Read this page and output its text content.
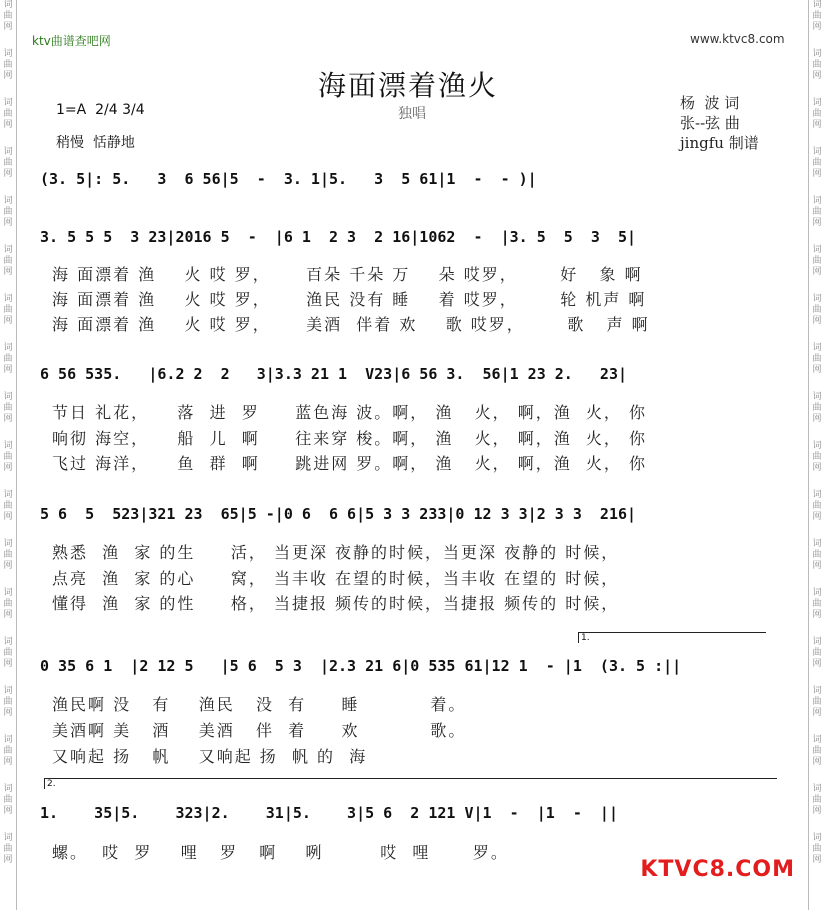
词
曲
网
词
曲
网
词
曲
网
词
曲
网
词
曲
网
词
曲
网
词
曲
网
词
曲
网
词
曲
网
词
曲
网
词
曲
网
词
曲
网
词
曲
网
词
曲
网
词
曲
网
词
曲
网
词
曲
网
词
曲
网
词
曲
网
词
曲
网
词
曲
网
词
曲
网
词
曲
网
词
曲
网
词
曲
网
词
曲
网
词
曲
网
词
曲
网
词
曲
网
词
曲
网
词
曲
网
词
曲
网
词
曲
网
词
曲
网
词
曲
网
词
曲
网
ktv曲谱查吧网	www.ktvc8.com
海面漂着渔火
独唱
杨  波 词
张--弦 曲
jingfu 制谱
1=A  2/4 3/4
稍慢  恬静地
(3. 5|: 5.   3  6 56|5  -  3. 1|5.   3  5 61|1  -  - )|
3. 5 5 5  3 23|2016 5  -  |6 1  2 3  2 16|1062  -  |3. 5  5  3  5|
海 面漂着 渔    火 哎 罗，     百朵 千朵 万    朵 哎罗，      好   象 啊
海 面漂着 渔    火 哎 罗，     渔民 没有 睡    着 哎罗，      轮 机声 啊
海 面漂着 渔    火 哎 罗，     美酒  伴着 欢    歌 哎罗，      歌   声 啊
6 56 535.   |6.2 2  2   3|3.3 21 1  V23|6 56 3.  56|1 23 2.   23|
节日 礼花，    落  进  罗     蓝色海 波。啊， 渔   火， 啊，渔  火， 你
响彻 海空，    船  儿  啊     往来穿 梭。啊， 渔   火， 啊，渔  火， 你
飞过 海洋，    鱼  群  啊     跳进网 罗。啊， 渔   火， 啊，渔  火， 你
5 6  5  523|321 23  65|5 -|0 6  6 6|5 3 3 233|0 12 3 3|2 3 3  216|
熟悉  渔  家 的生     活， 当更深 夜静的时候，当更深 夜静的 时候，
点亮  渔  家 的心     窝， 当丰收 在望的时候，当丰收 在望的 时候，
懂得  渔  家 的性     格， 当捷报 频传的时候，当捷报 频传的 时候，
1.
0 35 6 1  |2 12 5   |5 6  5 3  |2.3 21 6|0 535 61|12 1  - |1  (3. 5 :||
渔民啊 没   有    渔民   没  有     睡          着。
美酒啊 美   酒    美酒   伴  着     欢          歌。
又响起 扬   帆    又响起 扬  帆 的  海
2.
1.    35|5.    323|2.    31|5.    3|5 6  2 121 V|1  -  |1  -  ||
螺。  哎  罗    哩   罗   啊    咧        哎  哩      罗。
KTVC8.COM
